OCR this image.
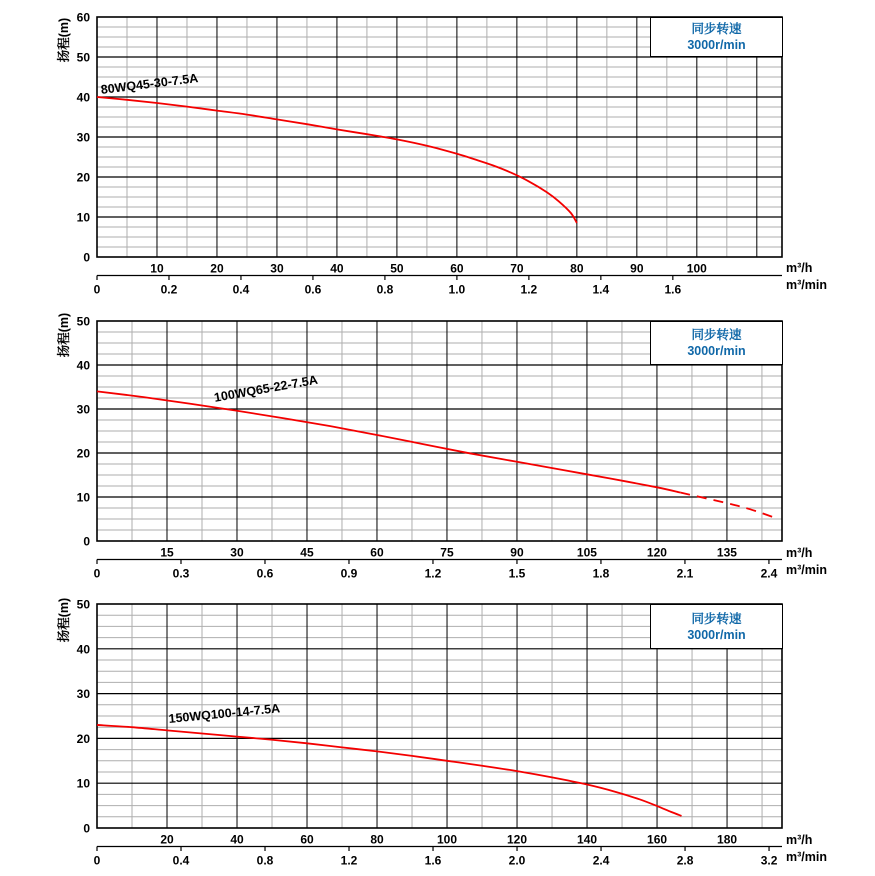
0
10
20
30
40
50
60
10	20	30	40	50	60	70	80	90	100
0	0.2	0.4	0.6	0.8	1.0	1.2	1.4	1.6
0
10
20
30
40
50
15	30	45	60	75	90	105	120	135
0	0.3	0.6	0.9	1.2	1.5	1.8	2.1	2.4
0
10
20
30
40
50
20	40	60	80	100	120	140	160	180
0	0.4	0.8	1.2	1.6	2.0	2.4	2.8	3.2
扬程(m)	同步转速
3000r/min
80WQ45-30-7.5A
m³/h
m³/min
扬程(m)	同步转速
3000r/min
100WQ65-22-7.5A
m³/h
m³/min
扬程(m)	同步转速
3000r/min
150WQ100-14-7.5A
m³/h
m³/min
